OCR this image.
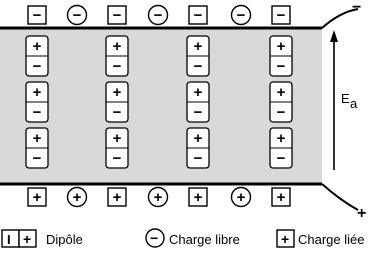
E a
−
+
− − − − − − −
+ + + + + + +
+
−
+
−
+
−
+
−
+
−
+
−
+
−
+
−
+
−
+
−
+
−
+
−
I + Dipôle	− Charge libre	+ Charge liée
